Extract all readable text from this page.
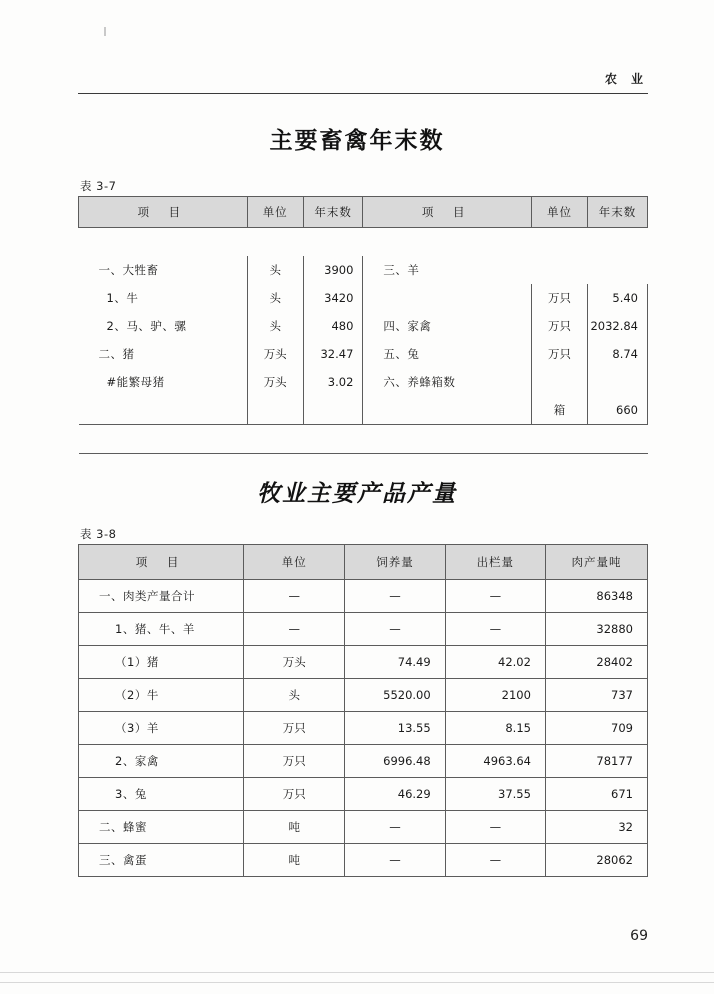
农 业
主要畜禽年末数
表 3-7
项 目	单位	年末数	项 目	单位	年末数

一、大牲畜	头	3900	三、羊		
1、牛	头	3420		万只	5.40
2、马、驴、骡	头	480	四、家禽	万只	2032.84
二、猪	万头	32.47	五、兔	万只	8.74
#能繁母猪	万头	3.02	六、养蜂箱数		
				箱	660

牧业主要产品产量
表 3-8
项 目	单位	饲养量	出栏量	肉产量吨
一、肉类产量合计	—	—	—	86348
1、猪、牛、羊	—	—	—	32880
（1）猪	万头	74.49	42.02	28402
（2）牛	头	5520.00	2100	737
（3）羊	万只	13.55	8.15	709
2、家禽	万只	6996.48	4963.64	78177
3、兔	万只	46.29	37.55	671
二、蜂蜜	吨	—	—	32
三、禽蛋	吨	—	—	28062
69
